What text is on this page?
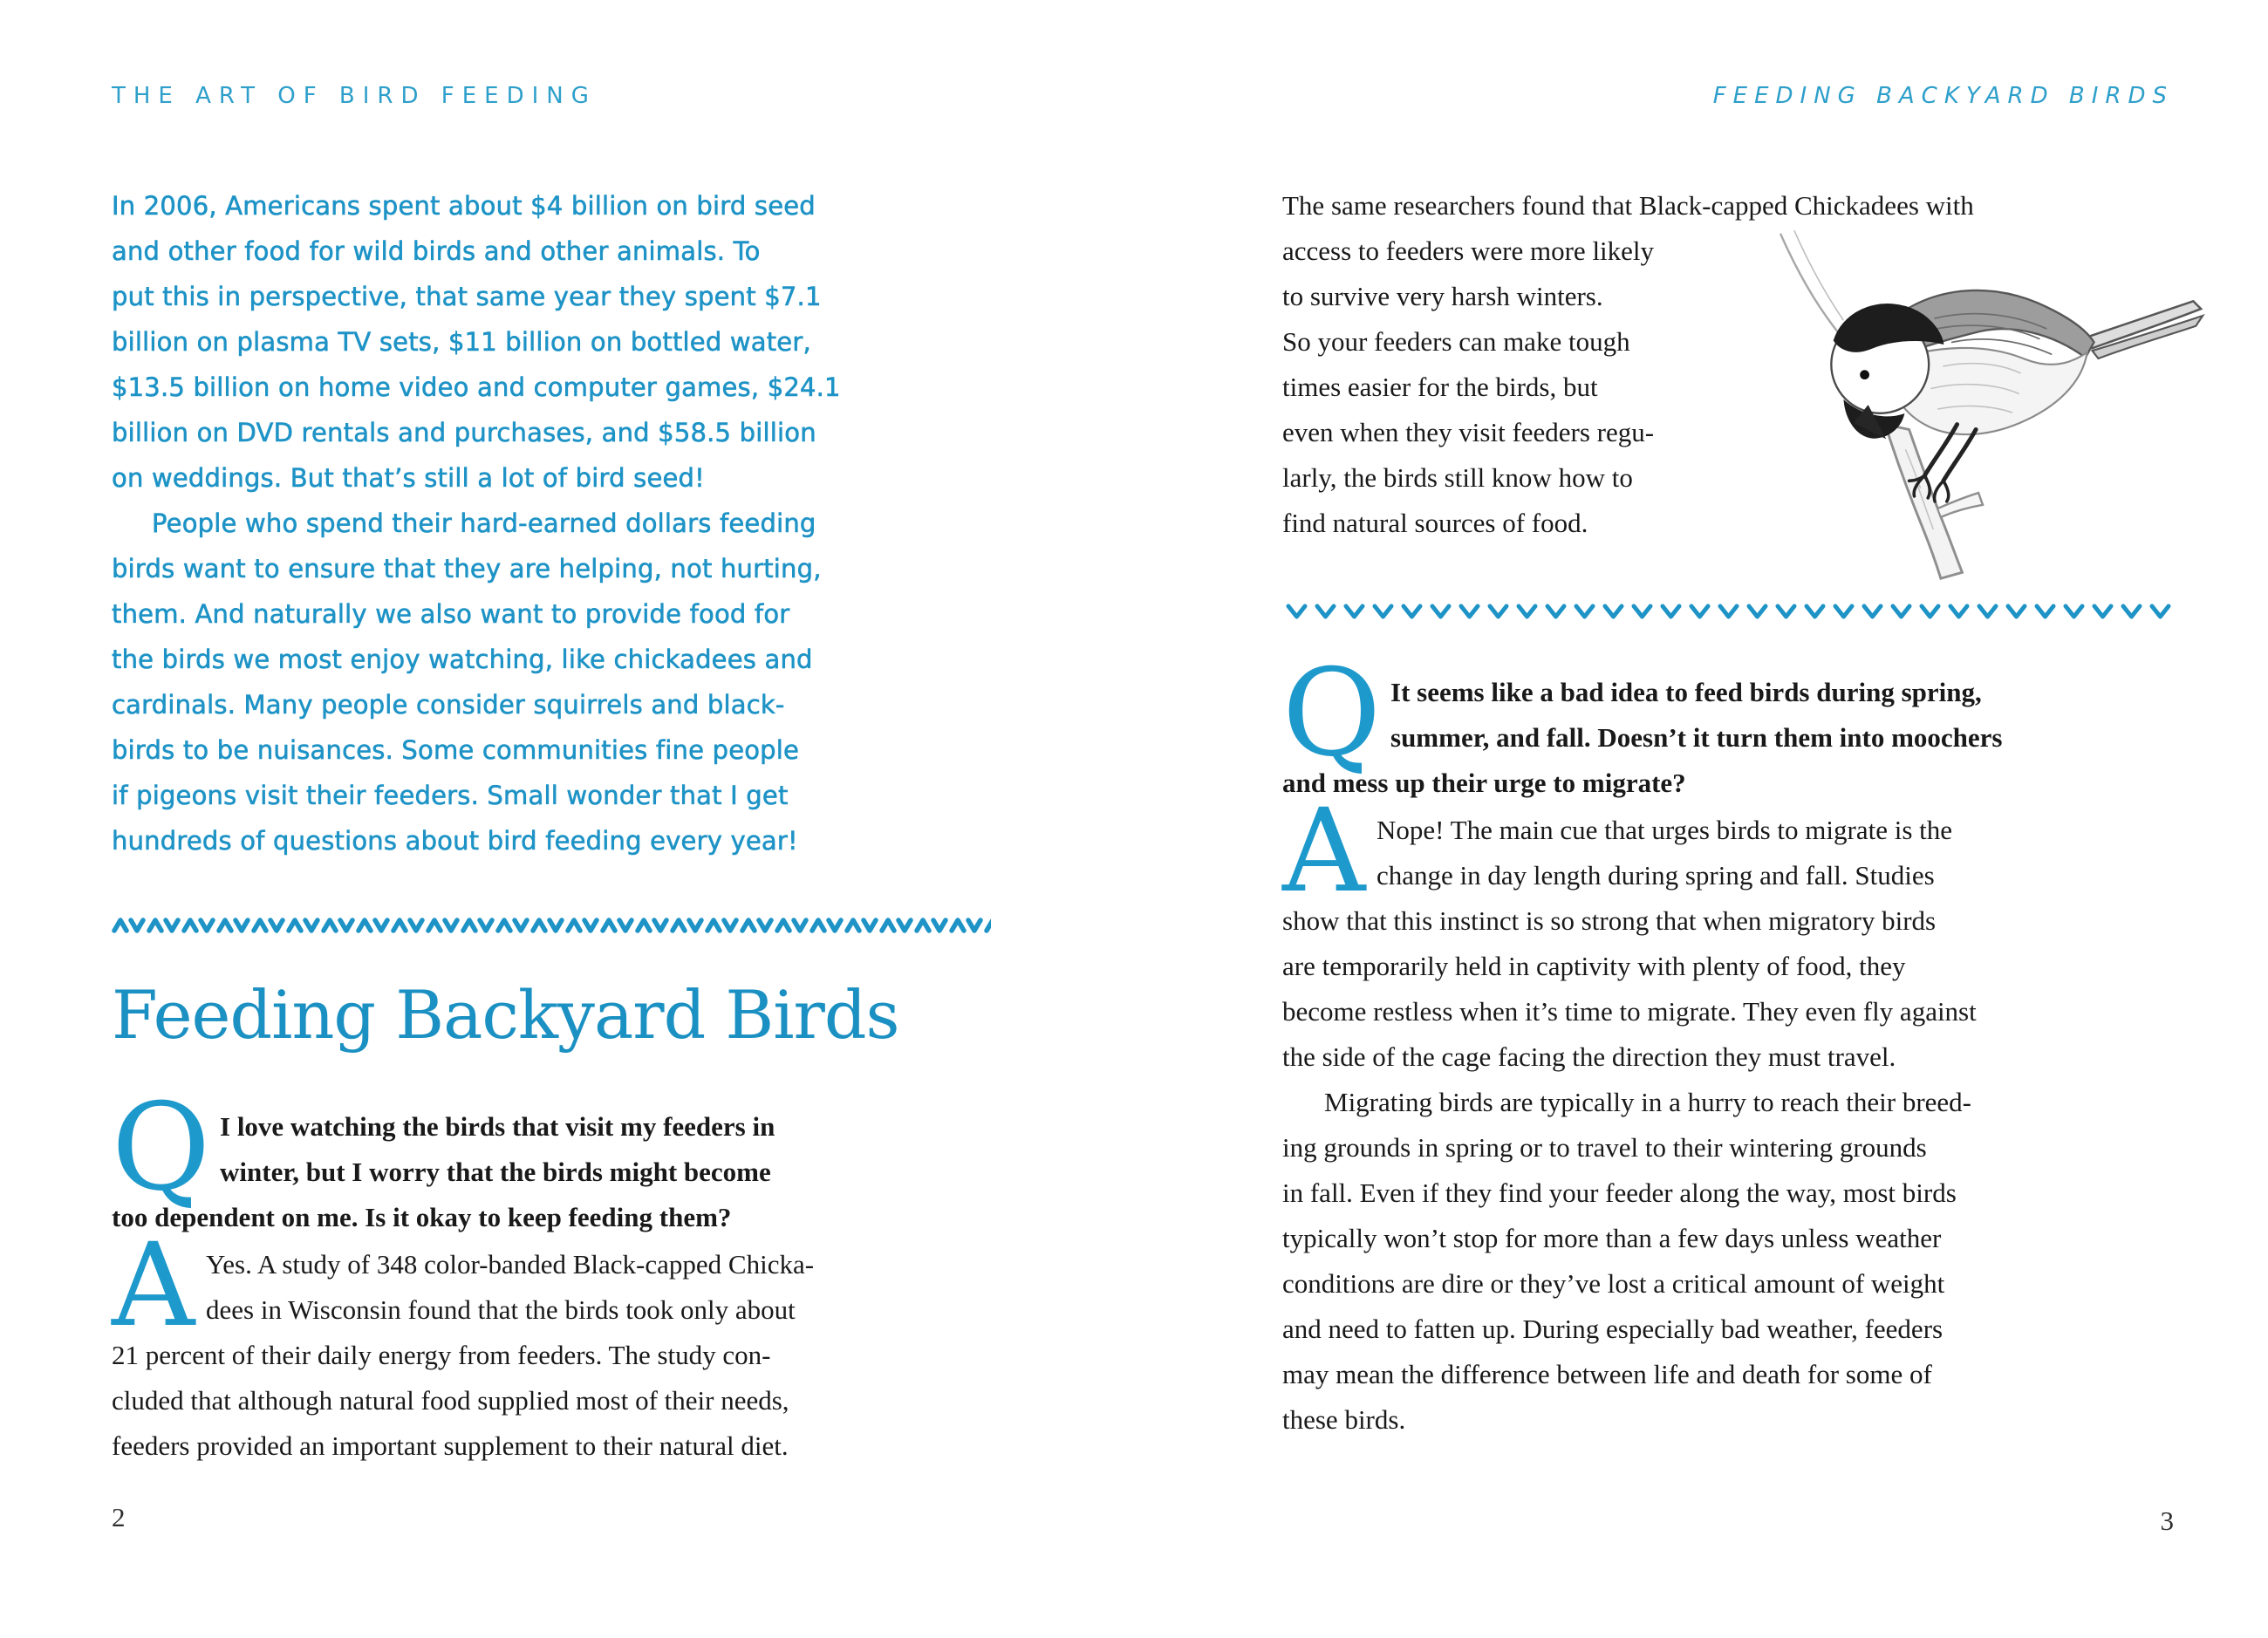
THE ART OF BIRD FEEDING

In 2006, Americans spent about $4 billion on bird seed
and other food for wild birds and other animals. To
put this in perspective, that same year they spent $7.1
billion on plasma TV sets, $11 billion on bottled water,
$13.5 billion on home video and computer games, $24.1
billion on DVD rentals and purchases, and $58.5 billion
on weddings. But that’s still a lot of bird seed!

People who spend their hard-earned dollars feeding
birds want to ensure that they are helping, not hurting,
them. And naturally we also want to provide food for
the birds we most enjoy watching, like chickadees and
cardinals. Many people consider squirrels and black-
birds to be nuisances. Some communities fine people
if pigeons visit their feeders. Small wonder that I get
hundreds of questions about bird feeding every year!

Feeding Backyard Birds
Q I love watching the birds that visit my feeders in
winter, but I worry that the birds might become
too dependent on me. Is it okay to keep feeding them?

A Yes. A study of 348 color-banded Black-capped Chicka-
dees in Wisconsin found that the birds took only about
21 percent of their daily energy from feeders. The study con-
cluded that although natural food supplied most of their needs,
feeders provided an important supplement to their natural diet.

FEEDING BACKYARD BIRDS

The same researchers found that Black-capped Chickadees with
access to feeders were more likely
to survive very harsh winters.
So your feeders can make tough
times easier for the birds, but
even when they visit feeders regu-
larly, the birds still know how to
find natural sources of food.

Q It seems like a bad idea to feed birds during spring,
summer, and fall. Doesn’t it turn them into moochers
and mess up their urge to migrate?

A Nope! The main cue that urges birds to migrate is the
change in day length during spring and fall. Studies
show that this instinct is so strong that when migratory birds
are temporarily held in captivity with plenty of food, they
become restless when it’s time to migrate. They even fly against
the side of the cage facing the direction they must travel.

Migrating birds are typically in a hurry to reach their breed-
ing grounds in spring or to travel to their wintering grounds
in fall. Even if they find your feeder along the way, most birds
typically won’t stop for more than a few days unless weather
conditions are dire or they’ve lost a critical amount of weight
and need to fatten up. During especially bad weather, feeders
may mean the difference between life and death for some of
these birds.

2	3
